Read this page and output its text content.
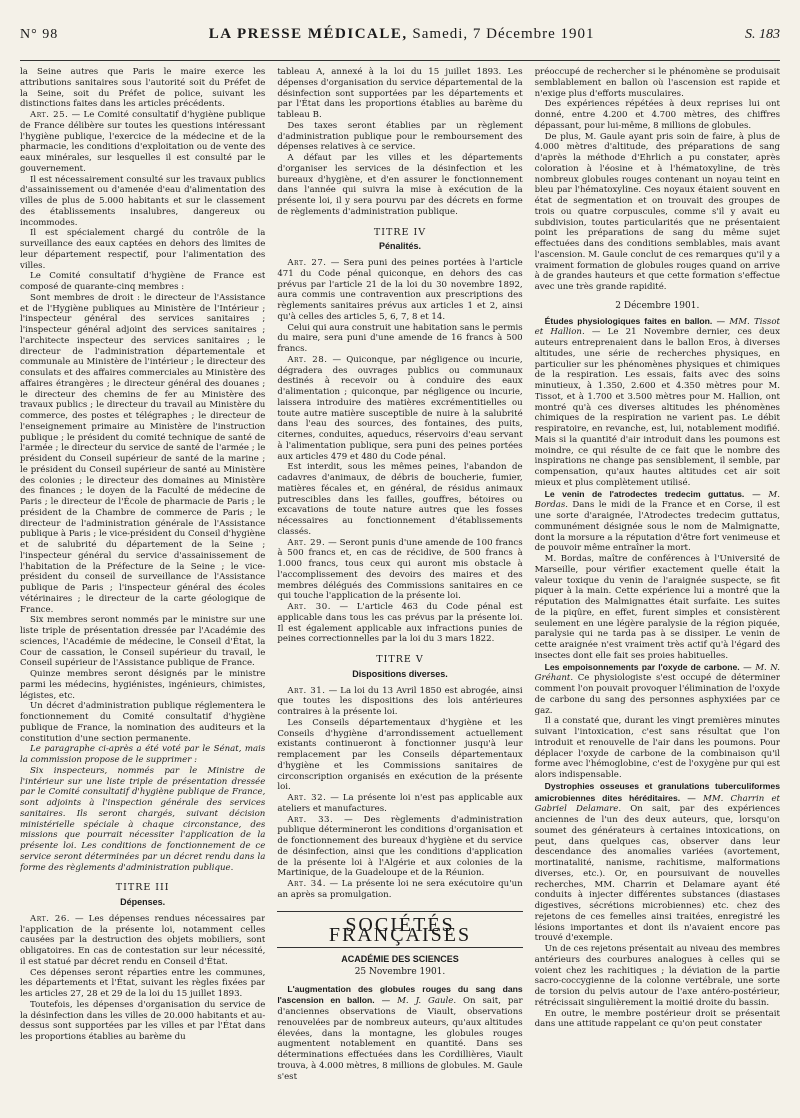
N° 98	LA PRESSE MÉDICALE, Samedi, 7 Décembre 1901	S. 183

la Seine autres que Paris le maire exerce les attributions sanitaires sous l'autorité soit du Préfet de la Seine, soit du Préfet de police, suivant les distinctions faites dans les articles précédents.

Art. 25. — Le Comité consultatif d'hygiène publique de France délibère sur toutes les questions intéressant l'hygiène publique, l'exercice de la médecine et de la pharmacie, les conditions d'exploitation ou de vente des eaux minérales, sur lesquelles il est consulté par le gouvernement.

Il est nécessairement consulté sur les travaux publics d'assainissement ou d'amenée d'eau d'alimentation des villes de plus de 5.000 habitants et sur le classement des établissements insalubres, dangereux ou incommodes.

Il est spécialement chargé du contrôle de la surveillance des eaux captées en dehors des limites de leur département respectif, pour l'alimentation des villes.

Le Comité consultatif d'hygiène de France est composé de quarante-cinq membres :

Sont membres de droit : le directeur de l'Assistance et de l'Hygiène publiques au Ministère de l'Intérieur ; l'inspecteur général des services sanitaires ; l'inspecteur général adjoint des services sanitaires ; l'architecte inspecteur des services sanitaires ; le directeur de l'administration départementale et communale au Ministère de l'intérieur ; le directeur des consulats et des affaires commerciales au Ministère des affaires étrangères ; le directeur général des douanes ; le directeur des chemins de fer au Ministère des travaux publics ; le directeur du travail au Ministère du commerce, des postes et télégraphes ; le directeur de l'enseignement primaire au Ministère de l'instruction publique ; le président du comité technique de santé de l'armée ; le directeur du service de santé de l'armée ; le président du Conseil supérieur de santé de la marine ; le président du Conseil supérieur de santé au Ministère des colonies ; le directeur des domaines au Ministère des finances ; le doyen de la Faculté de médecine de Paris ; le directeur de l'École de pharmacie de Paris ; le président de la Chambre de commerce de Paris ; le directeur de l'administration générale de l'Assistance publique à Paris ; le vice-président du Conseil d'hygiène et de salubrité du département de la Seine ; l'inspecteur général du service d'assainissement de l'habitation de la Préfecture de la Seine ; le vice-président du conseil de surveillance de l'Assistance publique de Paris ; l'inspecteur général des écoles vétérinaires ; le directeur de la carte géologique de France.

Six membres seront nommés par le ministre sur une liste triple de présentation dressée par l'Académie des sciences, l'Académie de médecine, le Conseil d'État, la Cour de cassation, le Conseil supérieur du travail, le Conseil supérieur de l'Assistance publique de France.

Quinze membres seront désignés par le ministre parmi les médecins, hygiénistes, ingénieurs, chimistes, légistes, etc.

Un décret d'administration publique réglementera le fonctionnement du Comité consultatif d'hygiène publique de France, la nomination des auditeurs et la constitution d'une section permanente.

Le paragraphe ci-après a été voté par le Sénat, mais la commission propose de le supprimer :

Six inspecteurs, nommés par le Ministre de l'intérieur sur une liste triple de présentation dressée par le Comité consultatif d'hygiène publique de France, sont adjoints à l'inspection générale des services sanitaires. Ils seront chargés, suivant décision ministérielle spéciale à chaque circonstance, des missions que pourrait nécessiter l'application de la présente loi. Les conditions de fonctionnement de ce service seront déterminées par un décret rendu dans la forme des règlements d'administration publique.

TITRE III
Dépenses.

Art. 26. — Les dépenses rendues nécessaires par l'application de la présente loi, notamment celles causées par la destruction des objets mobiliers, sont obligatoires. En cas de contestation sur leur nécessité, il est statué par décret rendu en Conseil d'État.

Ces dépenses seront réparties entre les communes, les départements et l'État, suivant les règles fixées par les articles 27, 28 et 29 de la loi du 15 juillet 1893.

Toutefois, les dépenses d'organisation du service de la désinfection dans les villes de 20.000 habitants et au-dessus sont supportées par les villes et par l'État dans les proportions établies au barème du

tableau A, annexé à la loi du 15 juillet 1893. Les dépenses d'organisation du service départemental de la désinfection sont supportées par les départements et par l'État dans les proportions établies au barème du tableau B.

Des taxes seront établies par un règlement d'administration publique pour le remboursement des dépenses relatives à ce service.

A défaut par les villes et les départements d'organiser les services de la désinfection et les bureaux d'hygiène, et d'en assurer le fonctionnement dans l'année qui suivra la mise à exécution de la présente loi, il y sera pourvu par des décrets en forme de règlements d'administration publique.

TITRE IV
Pénalités.

Art. 27. — Sera puni des peines portées à l'article 471 du Code pénal quiconque, en dehors des cas prévus par l'article 21 de la loi du 30 novembre 1892, aura commis une contravention aux prescriptions des règlements sanitaires prévus aux articles 1 et 2, ainsi qu'à celles des articles 5, 6, 7, 8 et 14.

Celui qui aura construit une habitation sans le permis du maire, sera puni d'une amende de 16 francs à 500 francs.

Art. 28. — Quiconque, par négligence ou incurie, dégradera des ouvrages publics ou communaux destinés à recevoir ou à conduire des eaux d'alimentation ; quiconque, par négligence ou incurie, laissera introduire des matières excrémentitielles ou toute autre matière susceptible de nuire à la salubrité dans l'eau des sources, des fontaines, des puits, citernes, conduites, aqueducs, réservoirs d'eau servant à l'alimentation publique, sera puni des peines portées aux articles 479 et 480 du Code pénal.

Est interdit, sous les mêmes peines, l'abandon de cadavres d'animaux, de débris de boucherie, fumier, matières fécales et, en général, de résidus animaux putrescibles dans les failles, gouffres, bétoires ou excavations de toute nature autres que les fosses nécessaires au fonctionnement d'établissements classés.

Art. 29. — Seront punis d'une amende de 100 francs à 500 francs et, en cas de récidive, de 500 francs à 1.000 francs, tous ceux qui auront mis obstacle à l'accomplissement des devoirs des maires et des membres délégués des Commissions sanitaires en ce qui touche l'application de la présente loi.

Art. 30. — L'article 463 du Code pénal est applicable dans tous les cas prévus par la présente loi. Il est également applicable aux infractions punies de peines correctionnelles par la loi du 3 mars 1822.

TITRE V
Dispositions diverses.

Art. 31. — La loi du 13 Avril 1850 est abrogée, ainsi que toutes les dispositions des lois antérieures contraires à la présente loi.

Les Conseils départementaux d'hygiène et les Conseils d'hygiène d'arrondissement actuellement existants continueront à fonctionner jusqu'à leur remplacement par les Conseils départementaux d'hygiène et les Commissions sanitaires de circonscription organisés en exécution de la présente loi.

Art. 32. — La présente loi n'est pas applicable aux ateliers et manufactures.

Art. 33. — Des règlements d'administration publique détermineront les conditions d'organisation et de fonctionnement des bureaux d'hygiène et du service de désinfection, ainsi que les conditions d'application de la présente loi à l'Algérie et aux colonies de la Martinique, de la Guadeloupe et de la Réunion.

Art. 34. — La présente loi ne sera exécutoire qu'un an après sa promulgation.

SOCIÉTÉS FRANÇAISES
ACADÉMIE DES SCIENCES
25 Novembre 1901.

L'augmentation des globules rouges du sang dans l'ascension en ballon. — M. J. Gaule. On sait, par d'anciennes observations de Viault, observations renouvelées par de nombreux auteurs, qu'aux altitudes élevées, dans la montagne, les globules rouges augmentent notablement en quantité. Dans ses déterminations effectuées dans les Cordillières, Viault trouva, à 4.000 mètres, 8 millions de globules. M. Gaule s'est

préoccupé de rechercher si le phénomène se produisait semblablement en ballon où l'ascension est rapide et n'exige plus d'efforts musculaires.

Des expériences répétées à deux reprises lui ont donné, entre 4.200 et 4.700 mètres, des chiffres dépassant, pour lui-même, 8 millions de globules.

De plus, M. Gaule ayant pris soin de faire, à plus de 4.000 mètres d'altitude, des préparations de sang d'après la méthode d'Ehrlich a pu constater, après coloration à l'éosine et à l'hématoxyline, de très nombreux globules rouges contenant un noyau teint en bleu par l'hématoxyline. Ces noyaux étaient souvent en état de segmentation et on trouvait des groupes de trois ou quatre corpuscules, comme s'il y avait eu subdivision, toutes particularités que ne présentaient point les préparations de sang du même sujet effectuées dans des conditions semblables, mais avant l'ascension. M. Gaule conclut de ces remarques qu'il y a vraiment formation de globules rouges quand on arrive à de grandes hauteurs et que cette formation s'effectue avec une très grande rapidité.

2 Décembre 1901.

Études physiologiques faites en ballon. — MM. Tissot et Hallion. — Le 21 Novembre dernier, ces deux auteurs entreprenaient dans le ballon Eros, à diverses altitudes, une série de recherches physiques, en particulier sur les phénomènes physiques et chimiques de la respiration. Les essais, faits avec des soins minutieux, à 1.350, 2.600 et 4.350 mètres pour M. Tissot, et à 1.700 et 3.500 mètres pour M. Hallion, ont montré qu'à ces diverses altitudes les phénomènes chimiques de la respiration ne varient pas. Le débit respiratoire, en revanche, est, lui, notablement modifié. Mais si la quantité d'air introduit dans les poumons est moindre, ce qui résulte de ce fait que le nombre des inspirations ne change pas sensiblement, il semble, par compensation, qu'aux hautes altitudes cet air soit mieux et plus complètement utilisé.

Le venin de l'atrodectes tredecim guttatus. — M. Bordas. Dans le midi de la France et en Corse, il est une sorte d'araignée, l'Atrodectes tredecim guttatus, communément désignée sous le nom de Malmignatte, dont la morsure a la réputation d'être fort venimeuse et de pouvoir même entraîner la mort.

M. Bordas, maître de conférences à l'Université de Marseille, pour vérifier exactement quelle était la valeur toxique du venin de l'araignée suspecte, se fit piquer à la main. Cette expérience lui a montré que la réputation des Malmignattes était surfaite. Les suites de la piqûre, en effet, furent simples et consistèrent seulement en une légère paralysie de la région piquée, paralysie qui ne tarda pas à se dissiper. Le venin de cette araignée n'est vraiment très actif qu'à l'égard des insectes dont elle fait ses proies habituelles.

Les empoisonnements par l'oxyde de carbone. — M. N. Gréhant. Ce physiologiste s'est occupé de déterminer comment l'on pouvait provoquer l'élimination de l'oxyde de carbone du sang des personnes asphyxiées par ce gaz.

Il a constaté que, durant les vingt premières minutes suivant l'intoxication, c'est sans résultat que l'on introduit et renouvelle de l'air dans les poumons. Pour déplacer l'oxyde de carbone de la combinaison qu'il forme avec l'hémoglobine, c'est de l'oxygène pur qui est alors indispensable.

Dystrophies osseuses et granulations tuberculiformes amicrobiennes dites héréditaires. — MM. Charrin et Gabriel Delamare. On sait, par des expériences anciennes de l'un des deux auteurs, que, lorsqu'on soumet des générateurs à certaines intoxications, on peut, dans quelques cas, observer dans leur descendance des anomalies variées (avortement, mortinatalité, nanisme, rachitisme, malformations diverses, etc.). Or, en poursuivant de nouvelles recherches, MM. Charrin et Delamare ayant été conduits à injecter différentes substances (diastases digestives, sécrétions microbiennes) etc. chez des rejetons de ces femelles ainsi traitées, enregistré les lésions importantes et dont ils n'avaient encore pas trouvé d'exemple.

Un de ces rejetons présentait au niveau des membres antérieurs des courbures analogues à celles qui se voient chez les rachitiques ; la déviation de la partie sacro-coccygienne de la colonne vertébrale, une sorte de torsion du pelvis autour de l'axe antéro-postérieur, rétrécissait singulièrement la moitié droite du bassin.

En outre, le membre postérieur droit se présentait dans une attitude rappelant ce qu'on peut constater
